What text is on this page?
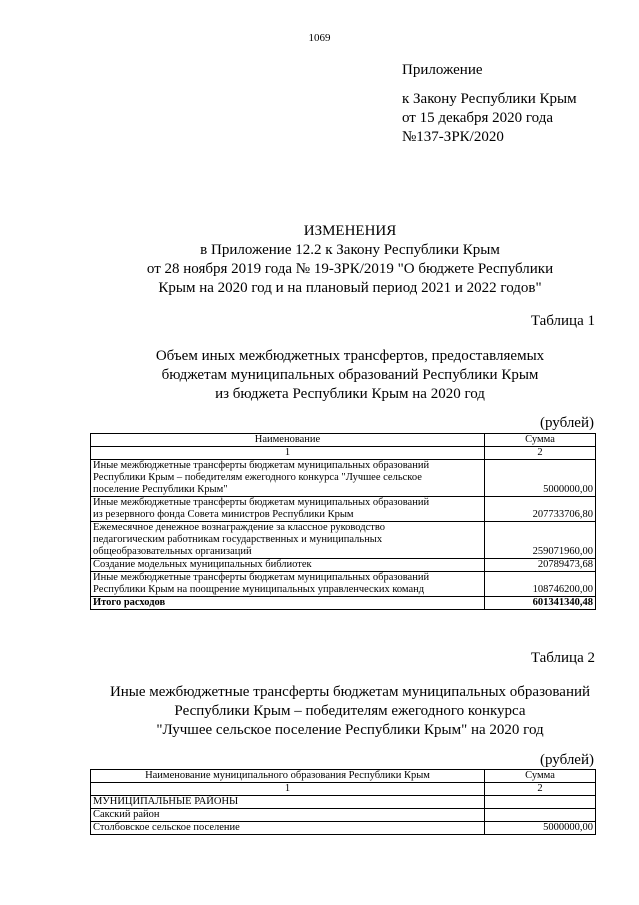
1069
Приложение
к Закону Республики Крым
от 15 декабря 2020 года
№137-ЗРК/2020
ИЗМЕНЕНИЯ
в Приложение 12.2 к Закону Республики Крым
от 28 ноября 2019 года № 19-ЗРК/2019 "О бюджете Республики
Крым на 2020 год и на плановый период 2021 и 2022 годов"
Таблица 1
Объем иных межбюджетных трансфертов, предоставляемых
бюджетам муниципальных образований Республики Крым
из бюджета Республики Крым на 2020 год
(рублей)
Наименование	Сумма
1	2

Иные межбюджетные трансферты бюджетам муниципальных образований
Республики Крым – победителям ежегодного конкурса "Лучшее сельское
поселение Республики Крым"	5000000,00

Иные межбюджетные трансферты бюджетам муниципальных образований
из резервного фонда Совета министров Республики Крым	207733706,80

Ежемесячное денежное вознаграждение за классное руководство
педагогическим работникам государственных и муниципальных
общеобразовательных организаций	259071960,00

Создание модельных муниципальных библиотек	20789473,68

Иные межбюджетные трансферты бюджетам муниципальных образований
Республики Крым на поощрение муниципальных управленческих команд	108746200,00
Итого расходов	601341340,48
Таблица 2
Иные межбюджетные трансферты бюджетам муниципальных образований
Республики Крым – победителям ежегодного конкурса
"Лучшее сельское поселение Республики Крым" на 2020 год
(рублей)
Наименование муниципального образования Республики Крым	Сумма
1	2
МУНИЦИПАЛЬНЫЕ РАЙОНЫ	
Сакский район	
Столбовское сельское поселение	5000000,00
